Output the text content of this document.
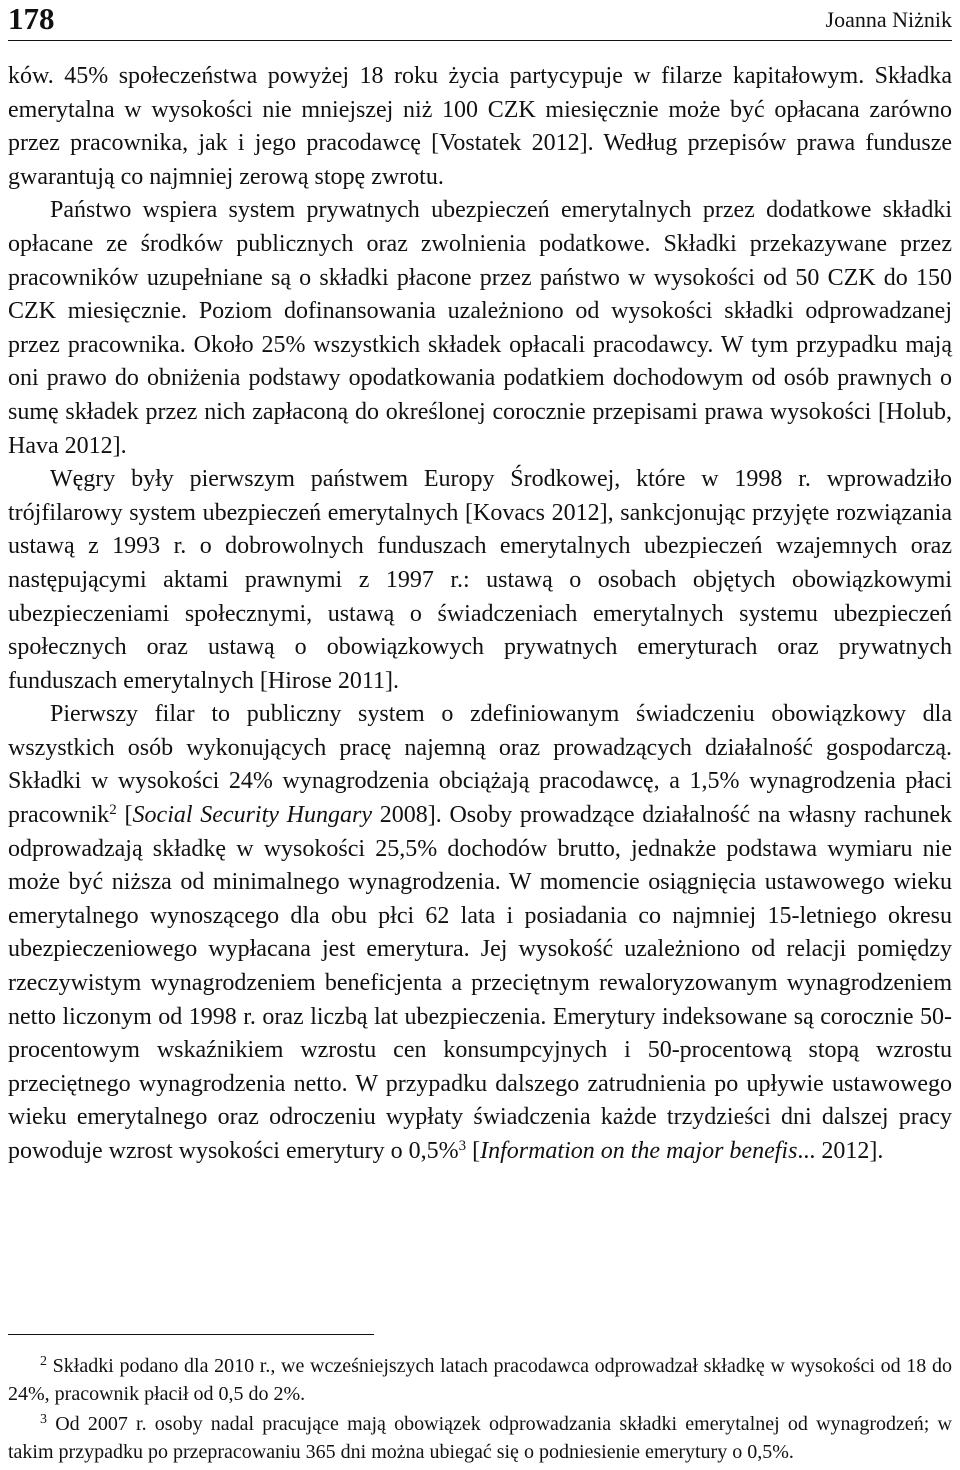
178	Joanna Niżnik

ków. 45% społeczeństwa powyżej 18 roku życia partycypuje w filarze kapitałowym. Składka emerytalna w wysokości nie mniejszej niż 100 CZK miesięcznie może być opłacana zarówno przez pracownika, jak i jego pracodawcę [Vostatek 2012]. Według przepisów prawa fundusze gwarantują co najmniej zerową stopę zwrotu.

Państwo wspiera system prywatnych ubezpieczeń emerytalnych przez dodatkowe składki opłacane ze środków publicznych oraz zwolnienia podatkowe. Składki przekazywane przez pracowników uzupełniane są o składki płacone przez państwo w wysokości od 50 CZK do 150 CZK miesięcznie. Poziom dofinansowania uzależniono od wysokości składki odprowadzanej przez pracownika. Około 25% wszystkich składek opłacali pracodawcy. W tym przypadku mają oni prawo do obniżenia podstawy opodatkowania podatkiem dochodowym od osób prawnych o sumę składek przez nich zapłaconą do określonej corocznie przepisami prawa wysokości [Holub, Hava 2012].

Węgry były pierwszym państwem Europy Środkowej, które w 1998 r. wprowadziło trójfilarowy system ubezpieczeń emerytalnych [Kovacs 2012], sankcjonując przyjęte rozwiązania ustawą z 1993 r. o dobrowolnych funduszach emerytalnych ubezpieczeń wzajemnych oraz następującymi aktami prawnymi z 1997 r.: ustawą o osobach objętych obowiązkowymi ubezpieczeniami społecznymi, ustawą o świadczeniach emerytalnych systemu ubezpieczeń społecznych oraz ustawą o obowiązkowych prywatnych emeryturach oraz prywatnych funduszach emerytalnych [Hirose 2011].

Pierwszy filar to publiczny system o zdefiniowanym świadczeniu obowiązkowy dla wszystkich osób wykonujących pracę najemną oraz prowadzących działalność gospodarczą. Składki w wysokości 24% wynagrodzenia obciążają pracodawcę, a 1,5% wynagrodzenia płaci pracownik$^2$ [Social Security Hungary 2008]. Osoby prowadzące działalność na własny rachunek odprowadzają składkę w wysokości 25,5% dochodów brutto, jednakże podstawa wymiaru nie może być niższa od minimalnego wynagrodzenia. W momencie osiągnięcia ustawowego wieku emerytalnego wynoszącego dla obu płci 62 lata i posiadania co najmniej 15-letniego okresu ubezpieczeniowego wypłacana jest emerytura. Jej wysokość uzależniono od relacji pomiędzy rzeczywistym wynagrodzeniem beneficjenta a przeciętnym rewaloryzowanym wynagrodzeniem netto liczonym od 1998 r. oraz liczbą lat ubezpieczenia. Emerytury indeksowane są corocznie 50-procentowym wskaźnikiem wzrostu cen konsumpcyjnych i 50-procentową stopą wzrostu przeciętnego wynagrodzenia netto. W przypadku dalszego zatrudnienia po upływie ustawowego wieku emerytalnego oraz odroczeniu wypłaty świadczenia każde trzydzieści dni dalszej pracy powoduje wzrost wysokości emerytury o 0,5%$^3$ [Information on the major benefis... 2012].

$^2$ Składki podano dla 2010 r., we wcześniejszych latach pracodawca odprowadzał składkę w wysokości od 18 do 24%, pracownik płacił od 0,5 do 2%.

$^3$ Od 2007 r. osoby nadal pracujące mają obowiązek odprowadzania składki emerytalnej od wynagrodzeń; w takim przypadku po przepracowaniu 365 dni można ubiegać się o podniesienie emerytury o 0,5%.
